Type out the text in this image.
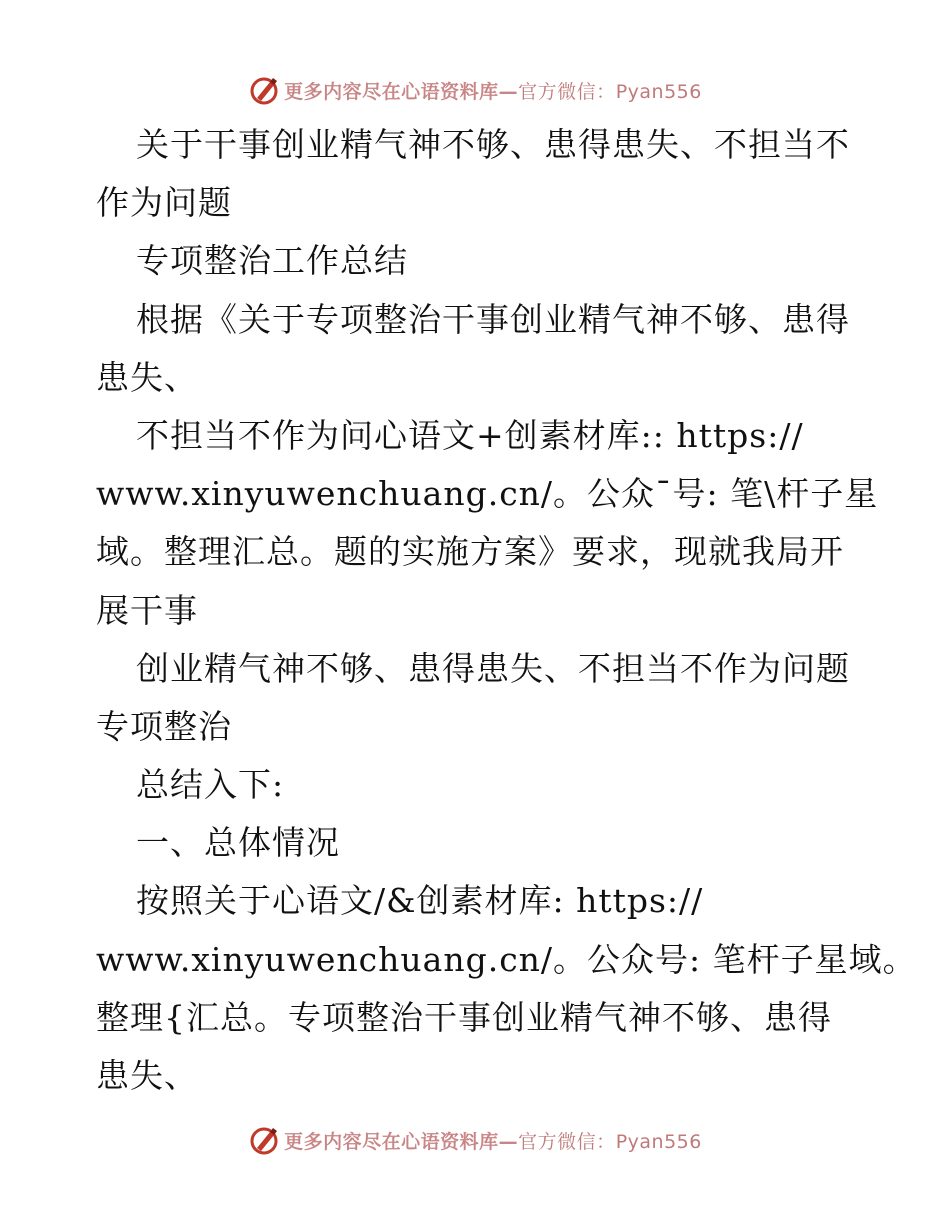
更多内容尽在心语资料库—官方微信：Pyan556
关于干事创业精气神不够、患得患失、不担当不
作为问题
专项整治工作总结
根据《关于专项整治干事创业精气神不够、患得
患失、
不担当不作为问心语文+创素材库:: https://
www.xinyuwenchuang.cn/。公众¯号: 笔\杆子星
域。整理汇总。题的实施方案》要求，现就我局开
展干事
创业精气神不够、患得患失、不担当不作为问题
专项整治
总结入下:
一、总体情况
按照关于心语文/&创素材库: https://
www.xinyuwenchuang.cn/。公众号: 笔杆子星域。
整理{汇总。专项整治干事创业精气神不够、患得
患失、
更多内容尽在心语资料库—官方微信：Pyan556
